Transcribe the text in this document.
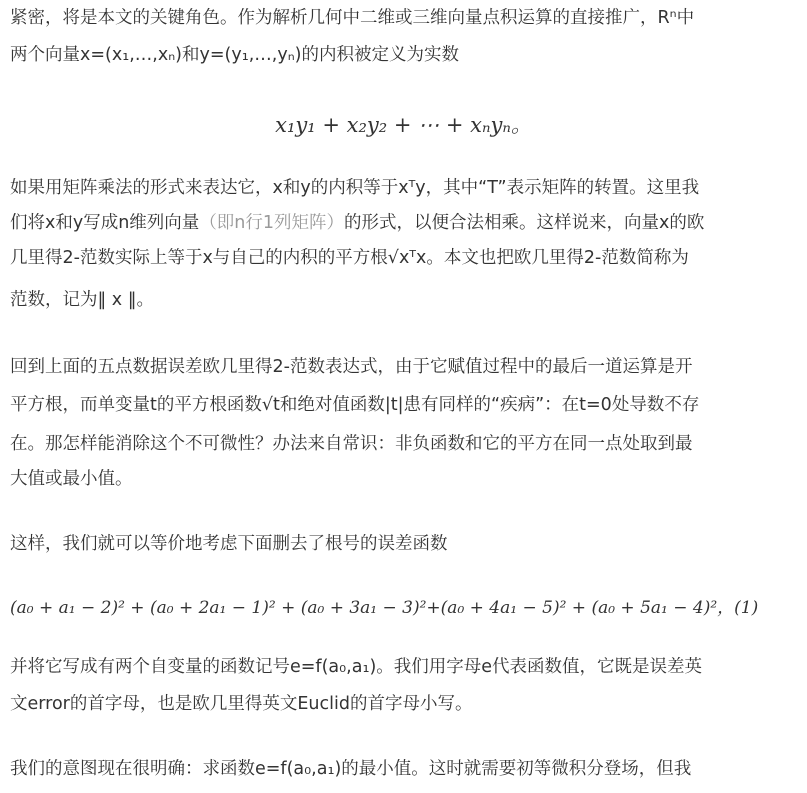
紧密，将是本文的关键角色。作为解析几何中二维或三维向量点积运算的直接推广，Rⁿ中
两个向量x=(x₁,…,xₙ)和y=(y₁,…,yₙ)的内积被定义为实数
x₁y₁ + x₂y₂ + ⋯ + xₙyₙ。
如果用矩阵乘法的形式来表达它，x和y的内积等于xᵀy，其中“T”表示矩阵的转置。这里我
们将x和y写成n维列向量（即n行1列矩阵）的形式，以便合法相乘。这样说来，向量x的欧
几里得2-范数实际上等于x与自己的内积的平方根√xᵀx。本文也把欧几里得2-范数简称为
范数，记为‖ x ‖。
回到上面的五点数据误差欧几里得2-范数表达式，由于它赋值过程中的最后一道运算是开
平方根，而单变量t的平方根函数√t和绝对值函数|t|患有同样的“疾病”：在t=0处导数不存
在。那怎样能消除这个不可微性？办法来自常识：非负函数和它的平方在同一点处取到最
大值或最小值。
这样，我们就可以等价地考虑下面删去了根号的误差函数
(a₀ + a₁ − 2)² + (a₀ + 2a₁ − 1)² + (a₀ + 3a₁ − 3)²+(a₀ + 4a₁ − 5)² + (a₀ + 5a₁ − 4)²，(1)
并将它写成有两个自变量的函数记号e=f(a₀,a₁)。我们用字母e代表函数值，它既是误差英
文error的首字母，也是欧几里得英文Euclid的首字母小写。
我们的意图现在很明确：求函数e=f(a₀,a₁)的最小值。这时就需要初等微积分登场，但我
